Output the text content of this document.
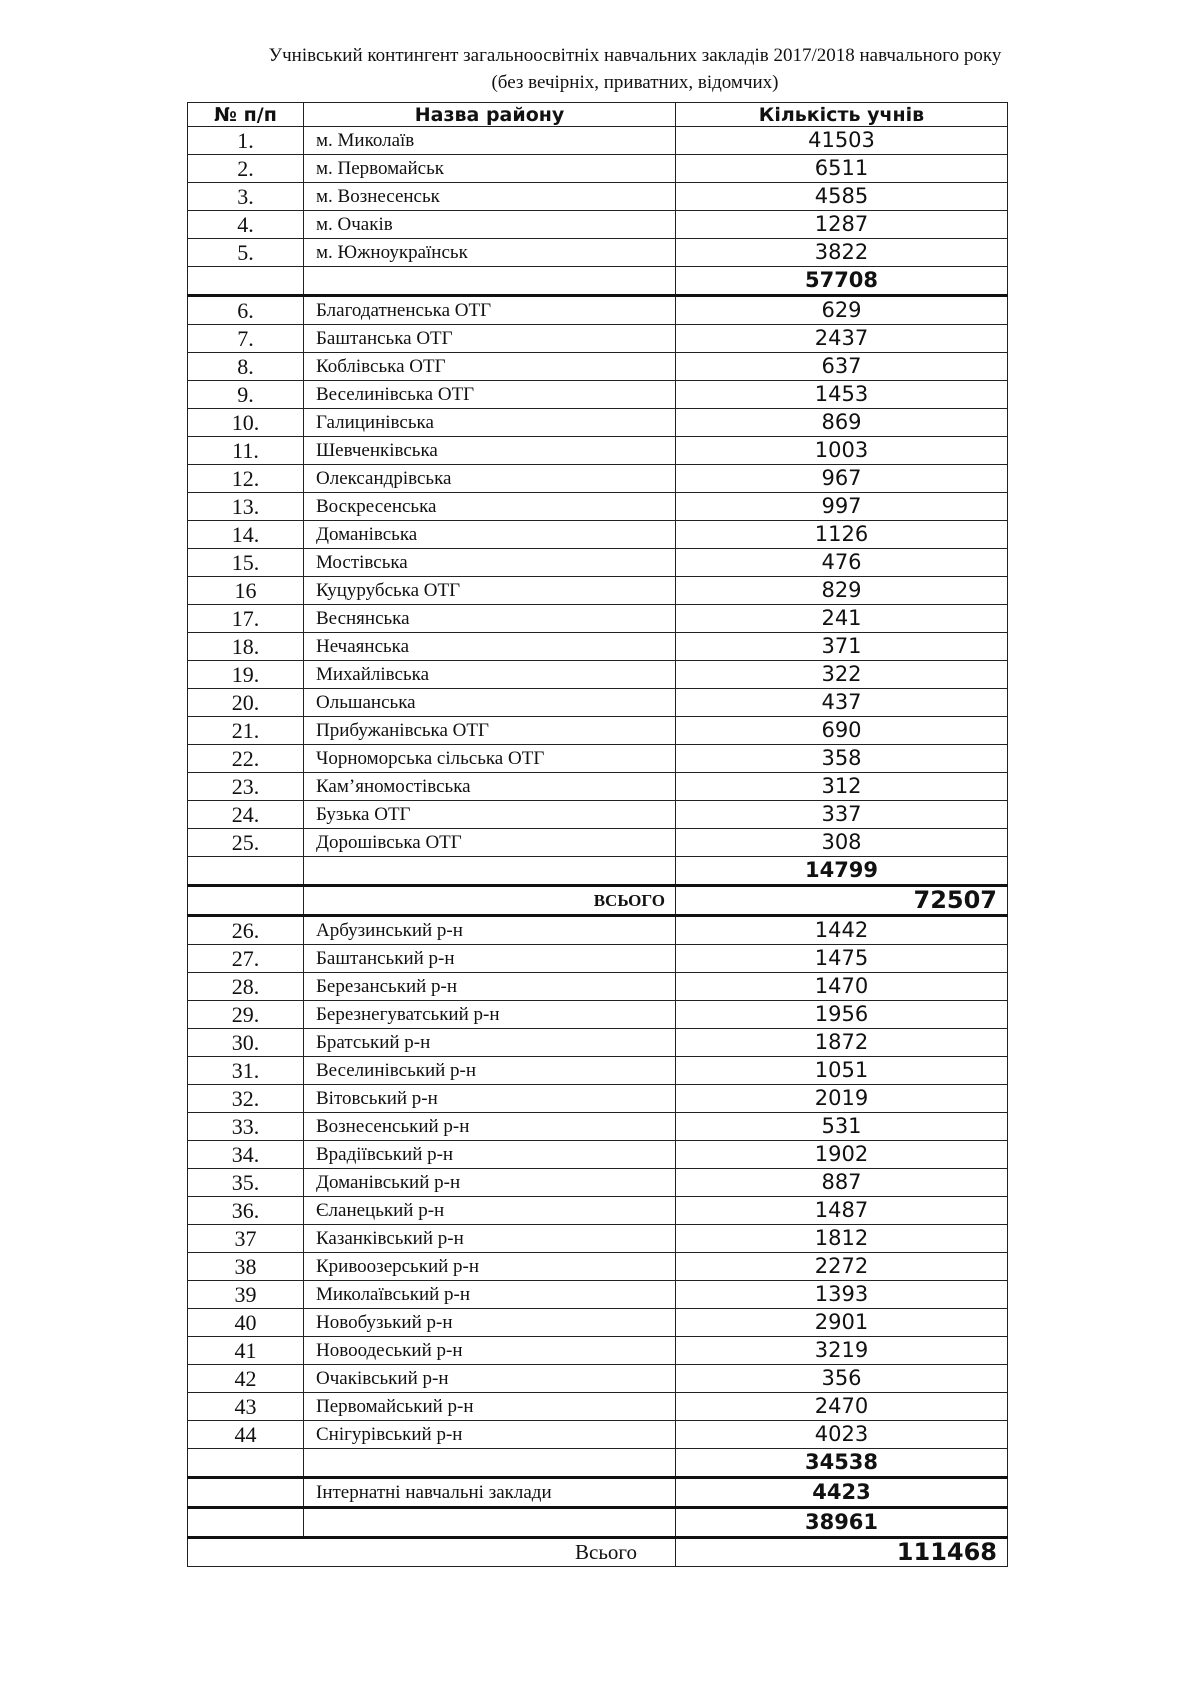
Учнівський контингент загальноосвітніх навчальних закладів 2017/2018 навчального року
(без вечірніх, приватних, відомчих)
№ п/п	Назва району	Кількість учнів
1.	м. Миколаїв	41503
2.	м. Первомайськ	6511
3.	м. Вознесенськ	4585
4.	м. Очаків	1287
5.	м. Южноукраїнськ	3822
		57708
6.	Благодатненська ОТГ	629
7.	Баштанська ОТГ	2437
8.	Коблівська ОТГ	637
9.	Веселинівська ОТГ	1453
10.	Галицинівська	869
11.	Шевченківська	1003
12.	Олександрівська	967
13.	Воскресенська	997
14.	Доманівська	1126
15.	Мостівська	476
16	Куцурубська ОТГ	829
17.	Веснянська	241
18.	Нечаянська	371
19.	Михайлівська	322
20.	Ольшанська	437
21.	Прибужанівська ОТГ	690
22.	Чорноморська сільська ОТГ	358
23.	Кам’яномостівська	312
24.	Бузька ОТГ	337
25.	Дорошівська ОТГ	308
		14799
	ВСЬОГО	72507
26.	Арбузинський р-н	1442
27.	Баштанський р-н	1475
28.	Березанський р-н	1470
29.	Березнегуватський р-н	1956
30.	Братський р-н	1872
31.	Веселинівський р-н	1051
32.	Вітовський р-н	2019
33.	Вознесенський р-н	531
34.	Врадіївський р-н	1902
35.	Доманівський р-н	887
36.	Єланецький р-н	1487
37	Казанківський р-н	1812
38	Кривоозерський р-н	2272
39	Миколаївський р-н	1393
40	Новобузький р-н	2901
41	Новоодеський р-н	3219
42	Очаківський р-н	356
43	Первомайський р-н	2470
44	Снігурівський р-н	4023
		34538
	Інтернатні навчальні заклади	4423
		38961
Всього		111468
